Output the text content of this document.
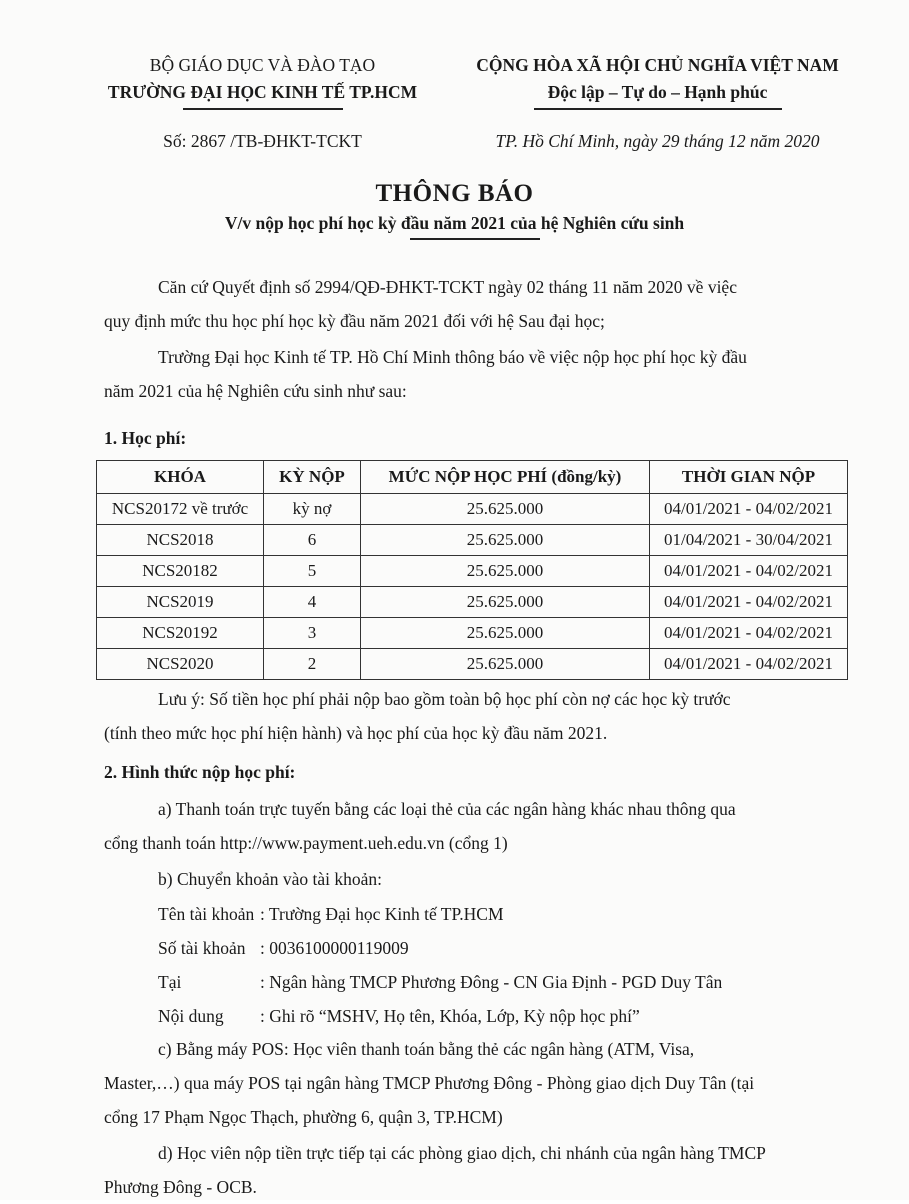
BỘ GIÁO DỤC VÀ ĐÀO TẠO
TRƯỜNG ĐẠI HỌC KINH TẾ TP.HCM
Số: 2867 /TB-ĐHKT-TCKT
CỘNG HÒA XÃ HỘI CHỦ NGHĨA VIỆT NAM
Độc lập – Tự do – Hạnh phúc
TP. Hồ Chí Minh, ngày 29 tháng 12 năm 2020
THÔNG BÁO
V/v nộp học phí học kỳ đầu năm 2021 của hệ Nghiên cứu sinh
Căn cứ Quyết định số 2994/QĐ-ĐHKT-TCKT ngày 02 tháng 11 năm 2020 về việc
quy định mức thu học phí học kỳ đầu năm 2021 đối với hệ Sau đại học;
Trường Đại học Kinh tế TP. Hồ Chí Minh thông báo về việc nộp học phí học kỳ đầu
năm 2021 của hệ Nghiên cứu sinh như sau:
1. Học phí:
KHÓA	KỲ NỘP	MỨC NỘP HỌC PHÍ (đồng/kỳ)	THỜI GIAN NỘP
NCS20172 về trước	kỳ nợ	25.625.000	04/01/2021 - 04/02/2021
NCS2018	6	25.625.000	01/04/2021 - 30/04/2021
NCS20182	5	25.625.000	04/01/2021 - 04/02/2021
NCS2019	4	25.625.000	04/01/2021 - 04/02/2021
NCS20192	3	25.625.000	04/01/2021 - 04/02/2021
NCS2020	2	25.625.000	04/01/2021 - 04/02/2021
Lưu ý: Số tiền học phí phải nộp bao gồm toàn bộ học phí còn nợ các học kỳ trước
(tính theo mức học phí hiện hành) và học phí của học kỳ đầu năm 2021.
2. Hình thức nộp học phí:
a) Thanh toán trực tuyến bằng các loại thẻ của các ngân hàng khác nhau thông qua
cổng thanh toán http://www.payment.ueh.edu.vn (cổng 1)
b) Chuyển khoản vào tài khoản:
Tên tài khoản : Trường Đại học Kinh tế TP.HCM
Số tài khoản : 0036100000119009
Tại	: Ngân hàng TMCP Phương Đông - CN Gia Định - PGD Duy Tân
Nội dung : Ghi rõ “MSHV, Họ tên, Khóa, Lớp, Kỳ nộp học phí”
c) Bằng máy POS: Học viên thanh toán bằng thẻ các ngân hàng (ATM, Visa,
Master,…) qua máy POS tại ngân hàng TMCP Phương Đông - Phòng giao dịch Duy Tân (tại
cổng 17 Phạm Ngọc Thạch, phường 6, quận 3, TP.HCM)
d) Học viên nộp tiền trực tiếp tại các phòng giao dịch, chi nhánh của ngân hàng TMCP
Phương Đông - OCB.
